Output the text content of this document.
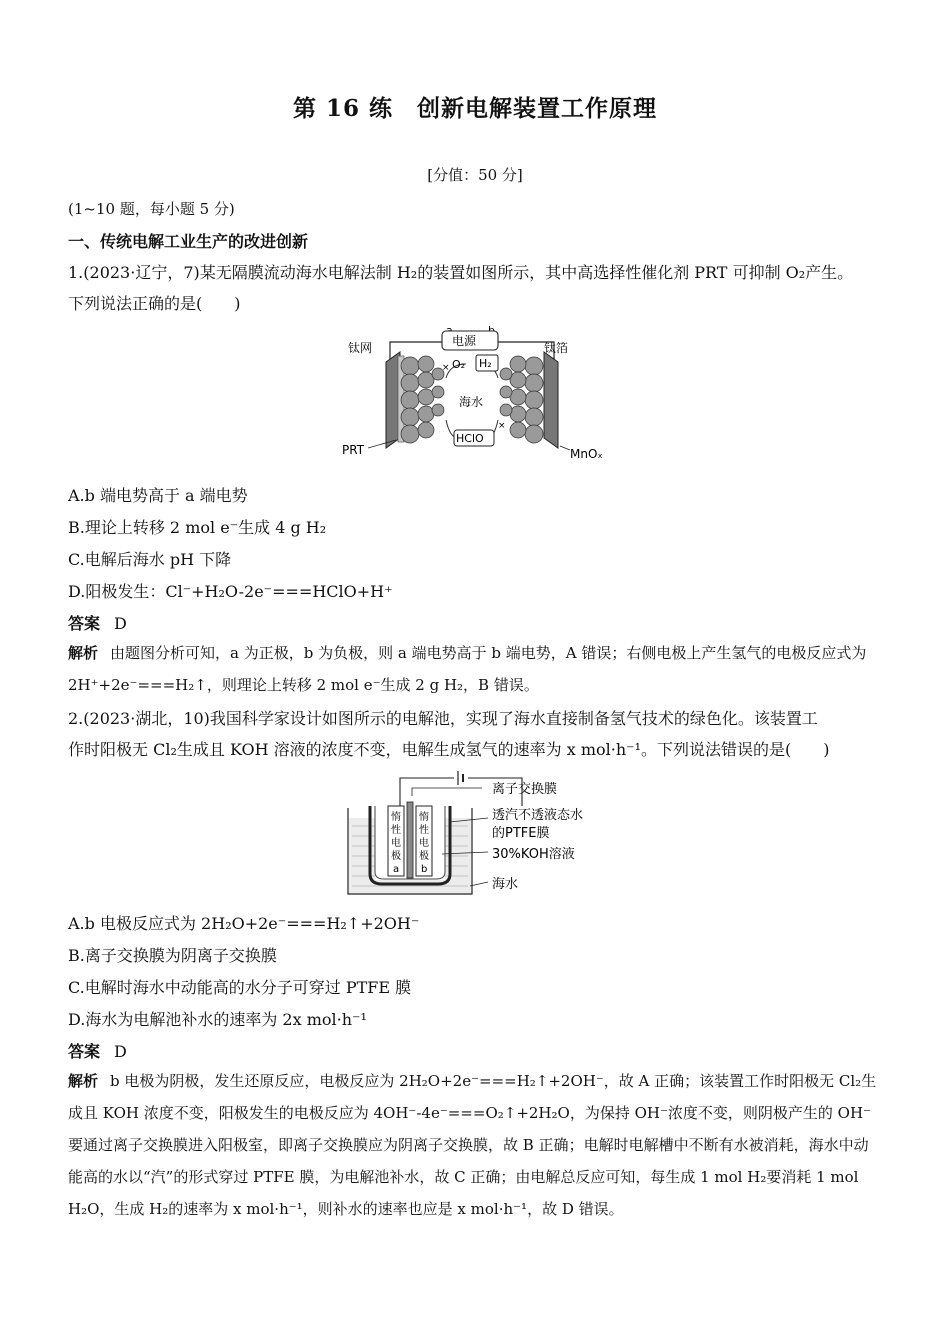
第 16 练　创新电解装置工作原理
[分值：50 分]
(1~10 题，每小题 5 分)
一、传统电解工业生产的改进创新
1.(2023·辽宁，7)某无隔膜流动海水电解法制 H₂的装置如图所示，其中高选择性催化剂 PRT 可抑制 O₂产生。
下列说法正确的是(　　)
电源
钛网	钛箔
×
×
O₂ H₂
海水
HClO
PRT	MnOₓ
A.b 端电势高于 a 端电势
B.理论上转移 2 mol e⁻生成 4 g H₂
C.电解后海水 pH 下降
D.阳极发生：Cl⁻+H₂O-2e⁻===HClO+H⁺
答案 D
解析 由题图分析可知，a 为正极，b 为负极，则 a 端电势高于 b 端电势，A 错误；右侧电极上产生氢气的电极反应式为 2H⁺+2e⁻===H₂↑，则理论上转移 2 mol e⁻生成 2 g H₂，B 错误。
2.(2023·湖北，10)我国科学家设计如图所示的电解池，实现了海水直接制备氢气技术的绿色化。该装置工
作时阳极无 Cl₂生成且 KOH 溶液的浓度不变，电解生成氢气的速率为 x mol·h⁻¹。下列说法错误的是(　　)
惰
性
电
极
a
惰
性
电
极
b
离子交换膜
透汽不透液态水
的PTFE膜
30%KOH溶液
海水
A.b 电极反应式为 2H₂O+2e⁻===H₂↑+2OH⁻
B.离子交换膜为阴离子交换膜
C.电解时海水中动能高的水分子可穿过 PTFE 膜
D.海水为电解池补水的速率为 2x mol·h⁻¹
答案 D
解析 b 电极为阴极，发生还原反应，电极反应为 2H₂O+2e⁻===H₂↑+2OH⁻，故 A 正确；该装置工作时阳极无 Cl₂生成且 KOH 浓度不变，阳极发生的电极反应为 4OH⁻-4e⁻===O₂↑+2H₂O，为保持 OH⁻浓度不变，则阴极产生的 OH⁻要通过离子交换膜进入阳极室，即离子交换膜应为阴离子交换膜，故 B 正确；电解时电解槽中不断有水被消耗，海水中动能高的水以“汽”的形式穿过 PTFE 膜，为电解池补水，故 C 正确；由电解总反应可知，每生成 1 mol H₂要消耗 1 mol H₂O，生成 H₂的速率为 x mol·h⁻¹，则补水的速率也应是 x mol·h⁻¹，故 D 错误。
